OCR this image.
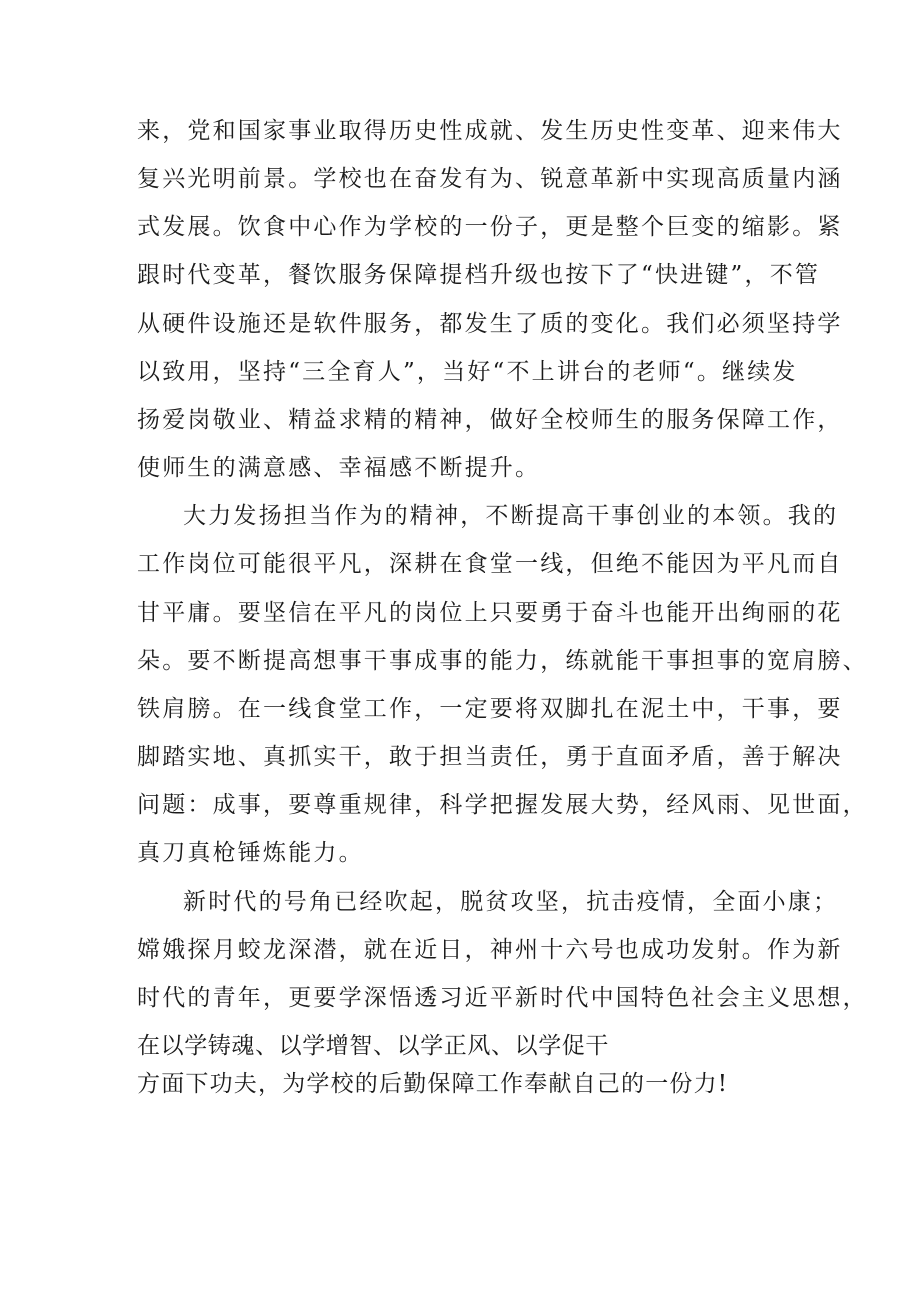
来，党和国家事业取得历史性成就、发生历史性变革、迎来伟大
复兴光明前景。学校也在奋发有为、锐意革新中实现高质量内涵
式发展。饮食中心作为学校的一份子，更是整个巨变的缩影。紧
跟时代变革，餐饮服务保障提档升级也按下了“快进键”，不管
从硬件设施还是软件服务，都发生了质的变化。我们必须坚持学
以致用，坚持“三全育人”，当好“不上讲台的老师“。继续发
扬爱岗敬业、精益求精的精神，做好全校师生的服务保障工作，
使师生的满意感、幸福感不断提升。
大力发扬担当作为的精神，不断提高干事创业的本领。我的
工作岗位可能很平凡，深耕在食堂一线，但绝不能因为平凡而自
甘平庸。要坚信在平凡的岗位上只要勇于奋斗也能开出绚丽的花
朵。要不断提高想事干事成事的能力，练就能干事担事的宽肩膀、
铁肩膀。在一线食堂工作，一定要将双脚扎在泥土中，干事，要
脚踏实地、真抓实干，敢于担当责任，勇于直面矛盾，善于解决
问题：成事，要尊重规律，科学把握发展大势，经风雨、见世面，
真刀真枪锤炼能力。
新时代的号角已经吹起，脱贫攻坚，抗击疫情，全面小康；
嫦娥探月蛟龙深潜，就在近日，神州十六号也成功发射。作为新
时代的青年，更要学深悟透习近平新时代中国特色社会主义思想，
在以学铸魂、以学增智、以学正风、以学促干
方面下功夫，为学校的后勤保障工作奉献自己的一份力!
